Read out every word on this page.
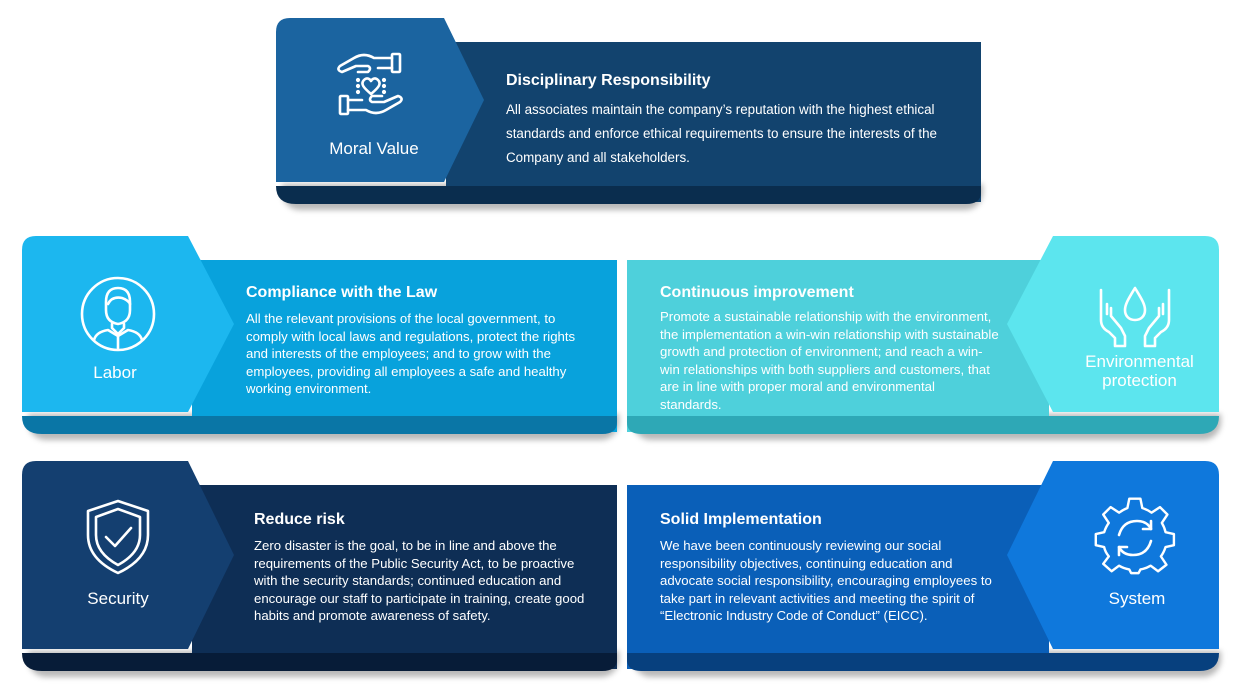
Moral Value
Disciplinary Responsibility
All associates maintain the company’s reputation with the highest ethical standards and enforce ethical requirements to ensure the interests of the Company and all stakeholders.
Labor
Compliance with the Law
All the relevant provisions of the local government, to comply with local laws and regulations, protect the rights and interests of the employees; and to grow with the employees, providing all employees a safe and healthy working environment.
Environmental protection
Continuous improvement
Promote a sustainable relationship with the environment, the implementation a win-win relationship with sustainable growth and protection of environment; and reach a win-win relationships with both suppliers and customers, that are in line with proper moral and environmental standards.
Security
Reduce risk
Zero disaster is the goal, to be in line and above the requirements of the Public Security Act, to be proactive with the security standards; continued education and encourage our staff to participate in training, create good habits and promote awareness of safety.
System
Solid Implementation
We have been continuously reviewing our social responsibility objectives, continuing education and advocate social responsibility, encouraging employees to take part in relevant activities and meeting the spirit of “Electronic Industry Code of Conduct” (EICC).
